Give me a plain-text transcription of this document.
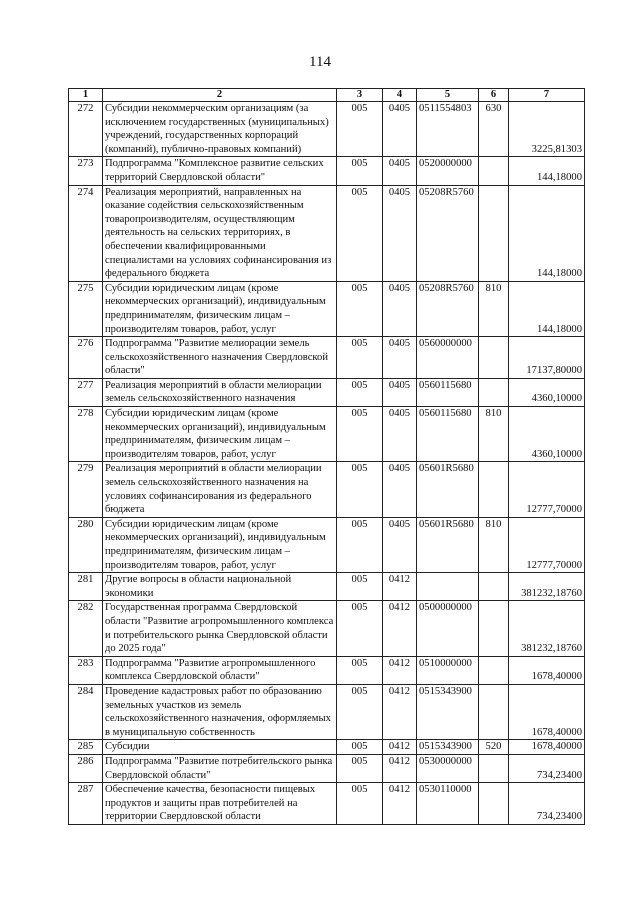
114
1	2	3	4	5	6	7
272	Субсидии некоммерческим организациям (за исключением государственных (муниципальных) учреждений, государственных корпораций (компаний), публично-правовых компаний)	005	0405	0511554803	630	3225,81303
273	Подпрограмма "Комплексное развитие сельских территорий Свердловской области"	005	0405	0520000000		144,18000
274	Реализация мероприятий, направленных на оказание содействия сельскохозяйственным товаропроизводителям, осуществляющим деятельность на сельских территориях, в обеспечении квалифицированными специалистами на условиях софинансирования из федерального бюджета	005	0405	05208R5760		144,18000
275	Субсидии юридическим лицам (кроме некоммерческих организаций), индивидуальным предпринимателям, физическим лицам – производителям товаров, работ, услуг	005	0405	05208R5760	810	144,18000
276	Подпрограмма "Развитие мелиорации земель сельскохозяйственного назначения Свердловской области"	005	0405	0560000000		17137,80000
277	Реализация мероприятий в области мелиорации земель сельскохозяйственного назначения	005	0405	0560115680		4360,10000
278	Субсидии юридическим лицам (кроме некоммерческих организаций), индивидуальным предпринимателям, физическим лицам – производителям товаров, работ, услуг	005	0405	0560115680	810	4360,10000
279	Реализация мероприятий в области мелиорации земель сельскохозяйственного назначения на условиях софинансирования из федерального бюджета	005	0405	05601R5680		12777,70000
280	Субсидии юридическим лицам (кроме некоммерческих организаций), индивидуальным предпринимателям, физическим лицам – производителям товаров, работ, услуг	005	0405	05601R5680	810	12777,70000
281	Другие вопросы в области национальной экономики	005	0412			381232,18760
282	Государственная программа Свердловской области "Развитие агропромышленного комплекса и потребительского рынка Свердловской области до 2025 года"	005	0412	0500000000		381232,18760
283	Подпрограмма "Развитие агропромышленного комплекса Свердловской области"	005	0412	0510000000		1678,40000
284	Проведение кадастровых работ по образованию земельных участков из земель сельскохозяйственного назначения, оформляемых в муниципальную собственность	005	0412	0515343900		1678,40000
285	Субсидии	005	0412	0515343900	520	1678,40000
286	Подпрограмма "Развитие потребительского рынка Свердловской области"	005	0412	0530000000		734,23400
287	Обеспечение качества, безопасности пищевых продуктов и защиты прав потребителей на территории Свердловской области	005	0412	0530110000		734,23400
